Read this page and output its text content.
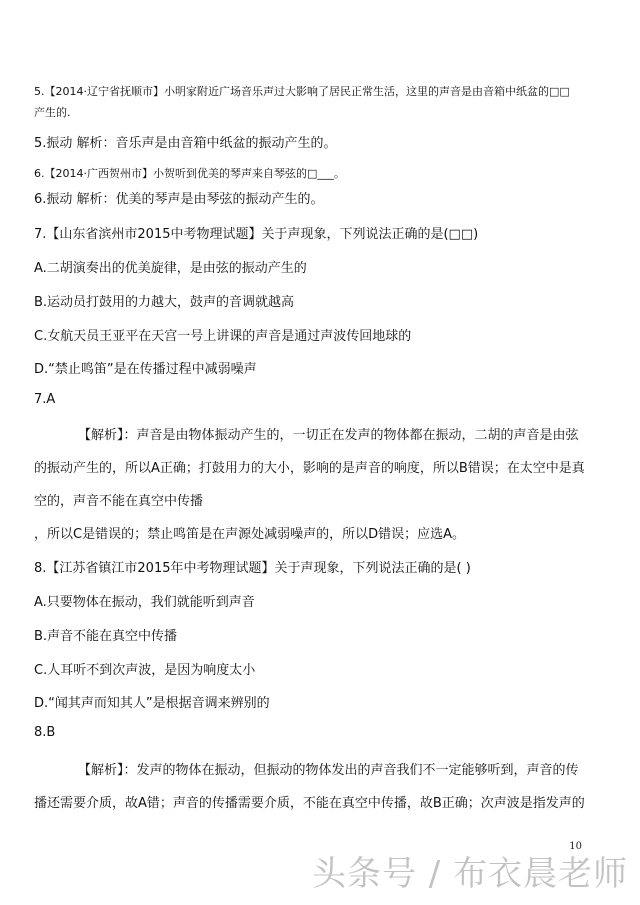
5.【2014·辽宁省抚顺市】小明家附近广场音乐声过大影响了居民正常生活，这里的声音是由音箱中纸盆的□□
产生的.
5.振动 解析：音乐声是由音箱中纸盆的振动产生的。
6.【2014·广西贺州市】小贺听到优美的琴声来自琴弦的□___。
6.振动 解析：优美的琴声是由琴弦的振动产生的。
7.【山东省滨州市2015中考物理试题】关于声现象，下列说法正确的是(□□)
A.二胡演奏出的优美旋律，是由弦的振动产生的
B.运动员打鼓用的力越大，鼓声的音调就越高
C.女航天员王亚平在天宫一号上讲课的声音是通过声波传回地球的
D.“禁止鸣笛”是在传播过程中减弱噪声
7.A
【解析】：声音是由物体振动产生的，一切正在发声的物体都在振动，二胡的声音是由弦
的振动产生的，所以A正确；打鼓用力的大小，影响的是声音的响度，所以B错误；在太空中是真
空的，声音不能在真空中传播
，所以C是错误的；禁止鸣笛是在声源处减弱噪声的，所以D错误；应选A。
8.【江苏省镇江市2015年中考物理试题】关于声现象，下列说法正确的是( )
A.只要物体在振动，我们就能听到声音
B.声音不能在真空中传播
C.人耳听不到次声波，是因为响度太小
D.“闻其声而知其人”是根据音调来辨别的
8.B
【解析】：发声的物体在振动，但振动的物体发出的声音我们不一定能够听到，声音的传
播还需要介质，故A错；声音的传播需要介质，不能在真空中传播，故B正确；次声波是指发声的
10
头条号 / 布衣晨老师
